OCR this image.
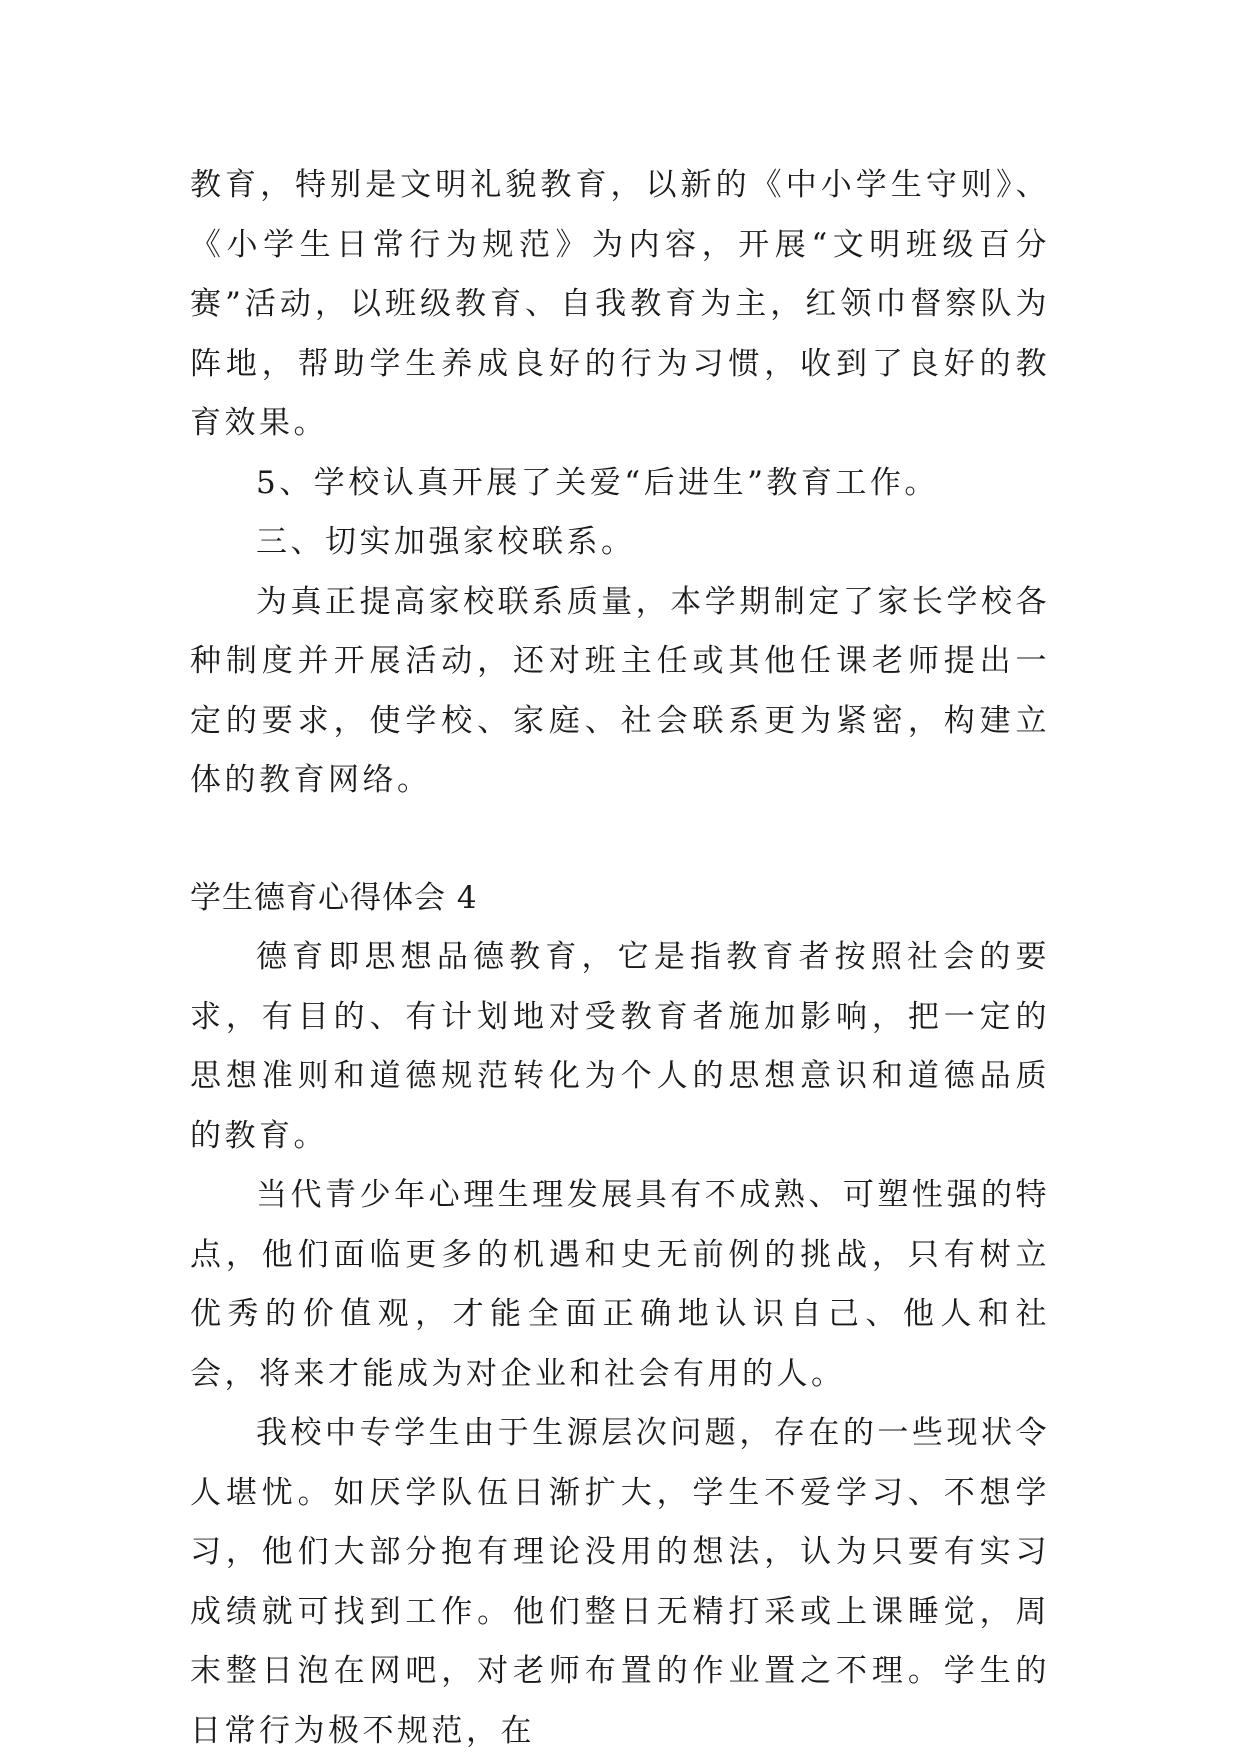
教育，特别是文明礼貌教育，以新的《中小学生守则》、《小学生日常行为规范》为内容，开展“文明班级百分赛”活动，以班级教育、自我教育为主，红领巾督察队为阵地，帮助学生养成良好的行为习惯，收到了良好的教育效果。

5、学校认真开展了关爱“后进生”教育工作。

三、切实加强家校联系。

为真正提高家校联系质量，本学期制定了家长学校各种制度并开展活动，还对班主任或其他任课老师提出一定的要求，使学校、家庭、社会联系更为紧密，构建立体的教育网络。

学生德育心得体会 4

德育即思想品德教育，它是指教育者按照社会的要求，有目的、有计划地对受教育者施加影响，把一定的思想准则和道德规范转化为个人的思想意识和道德品质的教育。

当代青少年心理生理发展具有不成熟、可塑性强的特点，他们面临更多的机遇和史无前例的挑战，只有树立优秀的价值观，才能全面正确地认识自己、他人和社会，将来才能成为对企业和社会有用的人。

我校中专学生由于生源层次问题，存在的一些现状令人堪忧。如厌学队伍日渐扩大，学生不爱学习、不想学习，他们大部分抱有理论没用的想法，认为只要有实习成绩就可找到工作。他们整日无精打采或上课睡觉，周末整日泡在网吧，对老师布置的作业置之不理。学生的日常行为极不规范，在
